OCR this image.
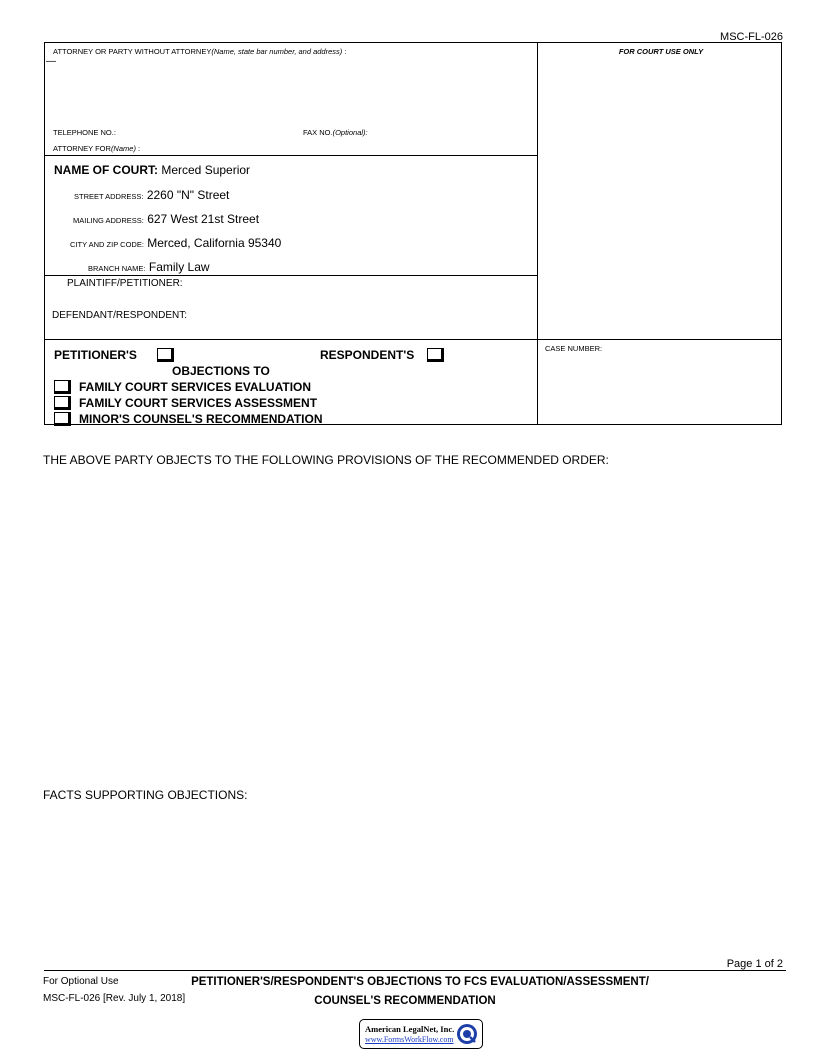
MSC-FL-026
ATTORNEY OR PARTY WITHOUT ATTORNEY(Name, state bar number, and address) :
—
TELEPHONE NO.:	FAX NO.(Optional):
ATTORNEY FOR(Name) :
FOR COURT USE ONLY
NAME OF COURT: Merced Superior
STREET ADDRESS: 2260 "N" Street
MAILING ADDRESS: 627 West 21st Street
CITY AND ZIP CODE: Merced, California 95340
BRANCH NAME: Family Law
PLAINTIFF/PETITIONER:
DEFENDANT/RESPONDENT:
PETITIONER'S	RESPONDENT'S
OBJECTIONS TO
FAMILY COURT SERVICES EVALUATION
FAMILY COURT SERVICES ASSESSMENT
MINOR'S COUNSEL'S RECOMMENDATION
CASE NUMBER:
THE ABOVE PARTY OBJECTS TO THE FOLLOWING PROVISIONS OF THE RECOMMENDED ORDER:
FACTS SUPPORTING OBJECTIONS:
Page 1 of 2
For Optional Use
MSC-FL-026 [Rev. July 1, 2018]
PETITIONER'S/RESPONDENT'S OBJECTIONS TO FCS EVALUATION/ASSESSMENT/
COUNSEL'S RECOMMENDATION
American LegalNet, Inc.
www.FormsWorkFlow.com
